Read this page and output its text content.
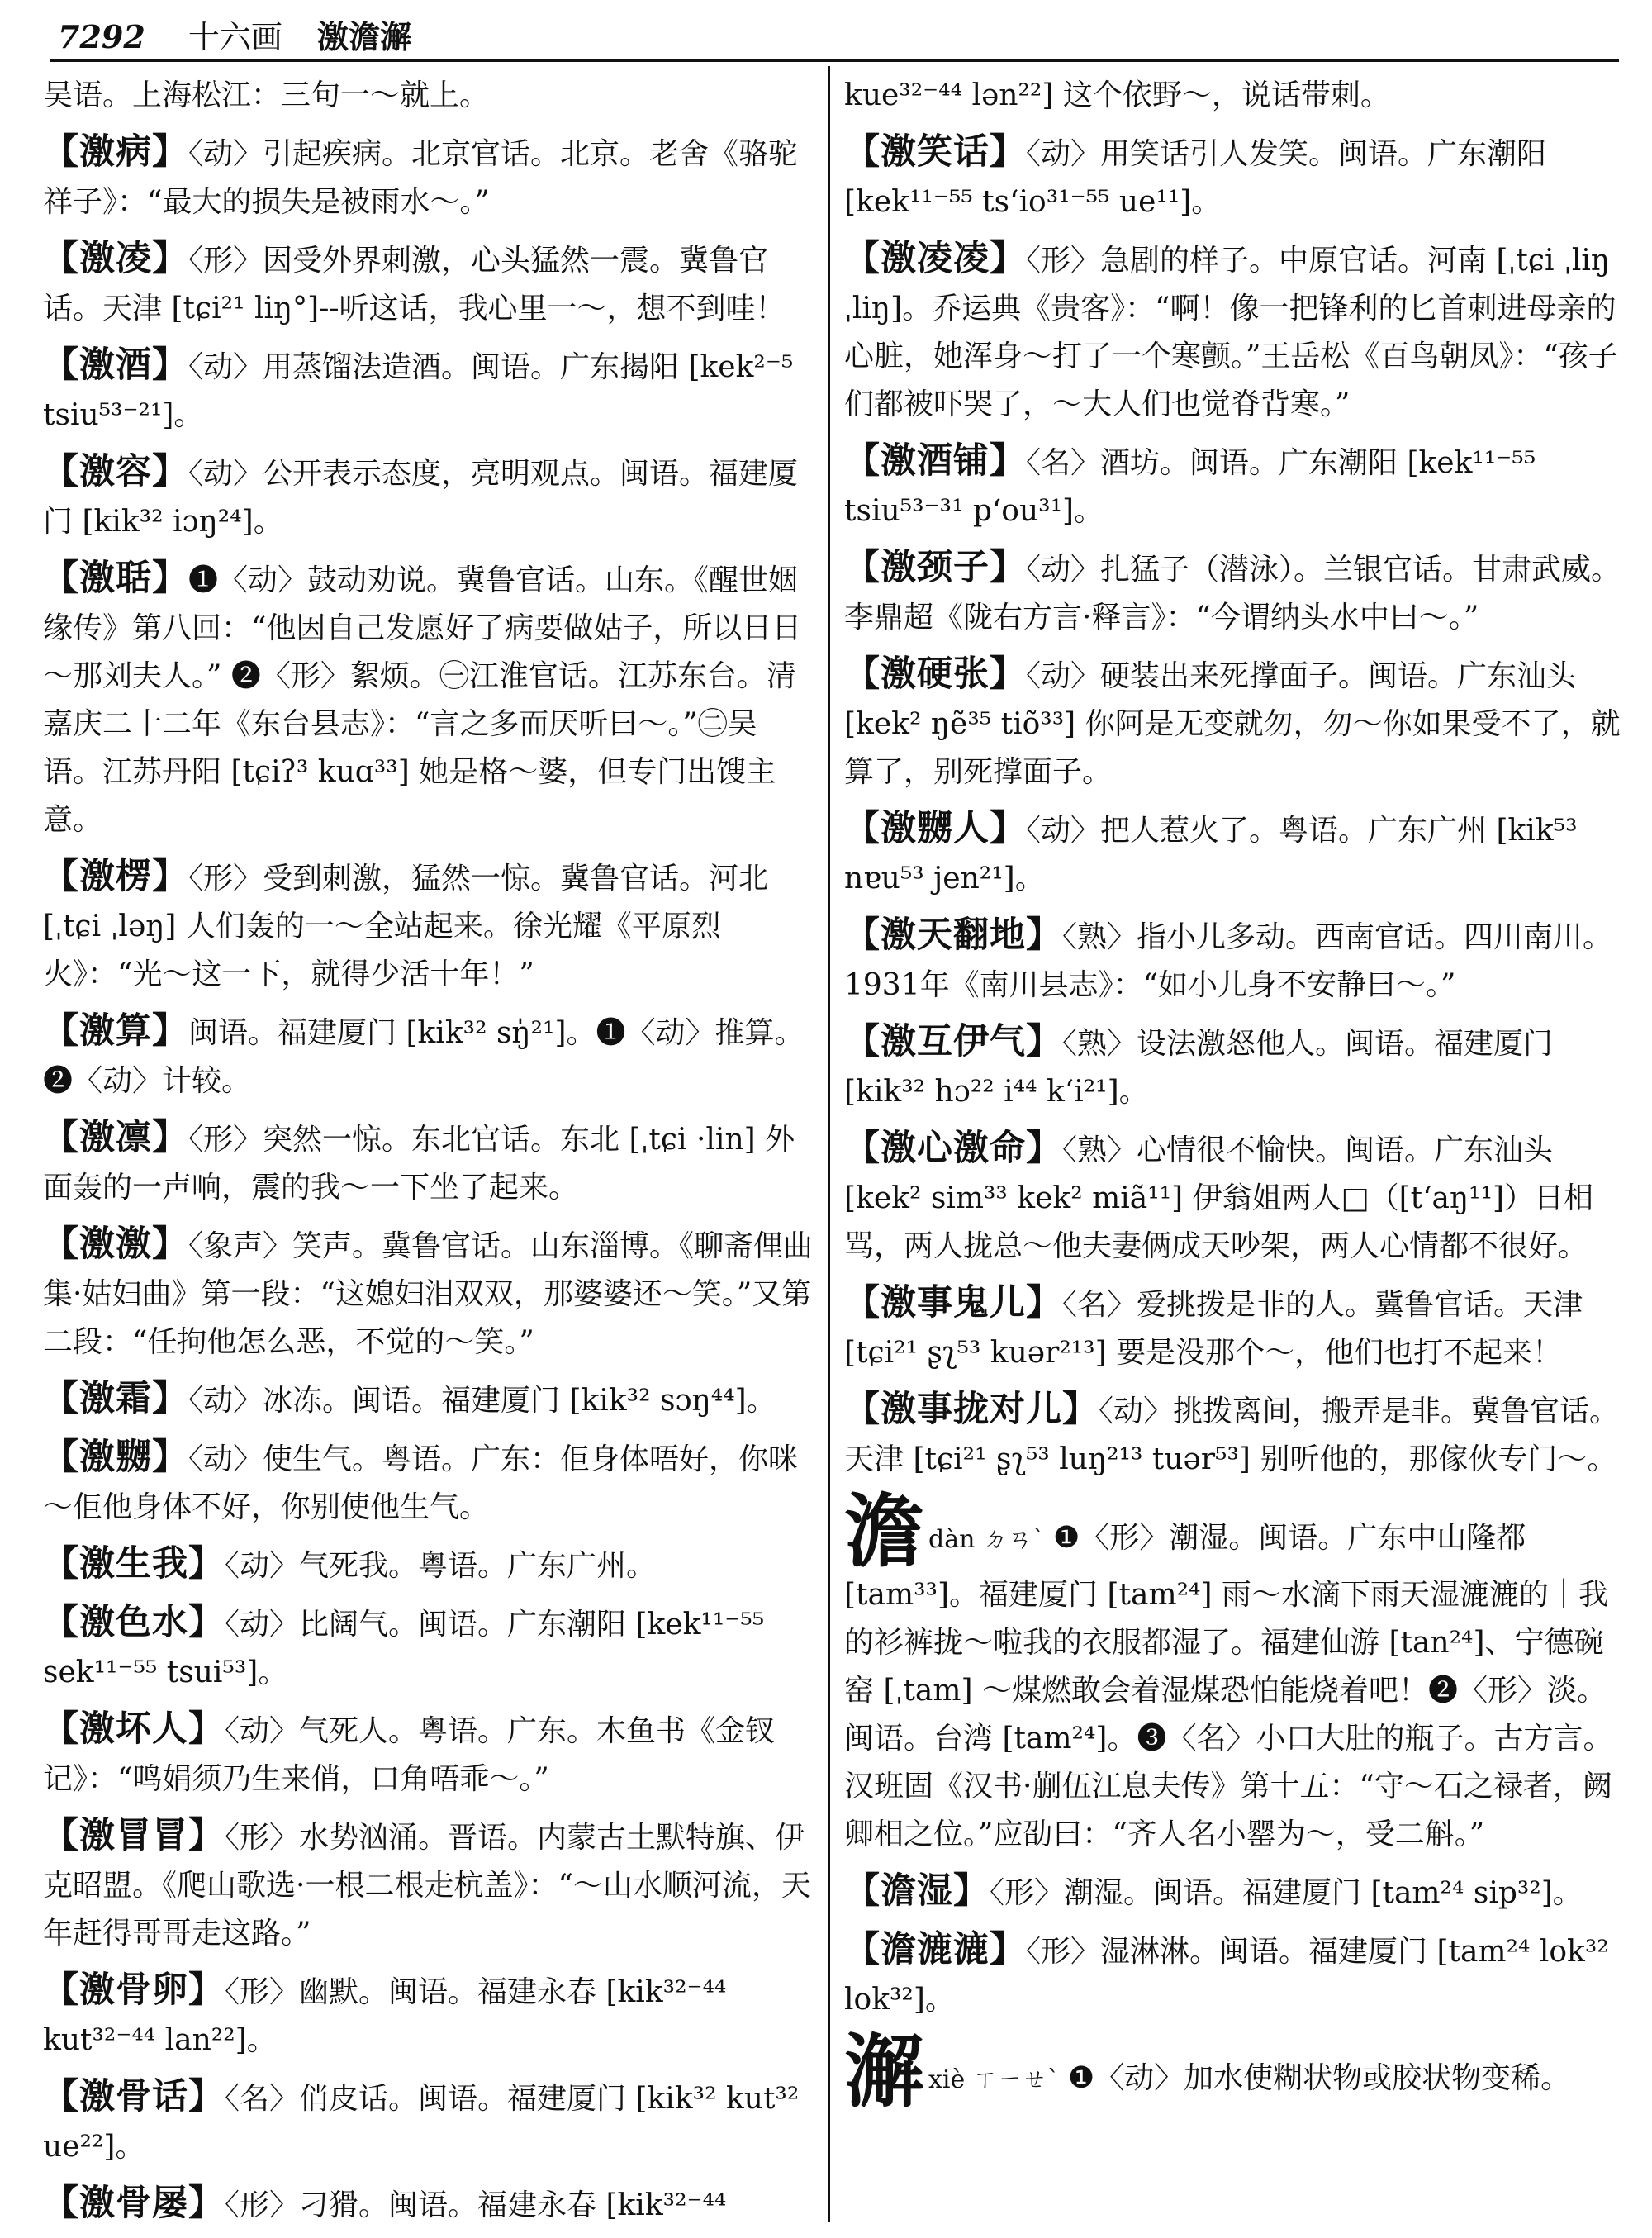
7292 十六画 激澹澥
吴语。上海松江：三句一～就上。
【激病】〈动〉引起疾病。北京官话。北京。老舍《骆驼祥子》：“最大的损失是被雨水～。”
【激凌】〈形〉因受外界刺激，心头猛然一震。冀鲁官话。天津 [tɕi²¹ liŋ°]--听这话，我心里一～，想不到哇！
【激酒】〈动〉用蒸馏法造酒。闽语。广东揭阳 [kek²⁻⁵ tsiu⁵³⁻²¹]。
【激容】〈动〉公开表示态度，亮明观点。闽语。福建厦门 [kik³² iɔŋ²⁴]。
【激聒】❶〈动〉鼓动劝说。冀鲁官话。山东。《醒世姻缘传》第八回：“他因自己发愿好了病要做姑子，所以日日～那刘夫人。” ❷〈形〉絮烦。㊀江淮官话。江苏东台。清嘉庆二十二年《东台县志》：“言之多而厌听曰～。”㊁吴语。江苏丹阳 [tɕiʔ³ kuɑ³³] 她是格～婆，但专门出馊主意。
【激楞】〈形〉受到刺激，猛然一惊。冀鲁官话。河北 [ˌtɕi ˌləŋ] 人们轰的一～全站起来。徐光耀《平原烈火》：“光～这一下，就得少活十年！”
【激算】闽语。福建厦门 [kik³² sŋ̍²¹]。❶〈动〉推算。❷〈动〉计较。
【激凛】〈形〉突然一惊。东北官话。东北 [ˌtɕi ·lin] 外面轰的一声响，震的我～一下坐了起来。
【激激】〈象声〉笑声。冀鲁官话。山东淄博。《聊斋俚曲集·姑妇曲》第一段：“这媳妇泪双双，那婆婆还～笑。”又第二段：“任拘他怎么恶，不觉的～笑。”
【激霜】〈动〉冰冻。闽语。福建厦门 [kik³² sɔŋ⁴⁴]。
【激嬲】〈动〉使生气。粤语。广东：佢身体唔好，你咪～佢他身体不好，你别使他生气。
【激生我】〈动〉气死我。粤语。广东广州。
【激色水】〈动〉比阔气。闽语。广东潮阳 [kek¹¹⁻⁵⁵ sek¹¹⁻⁵⁵ tsui⁵³]。
【激坏人】〈动〉气死人。粤语。广东。木鱼书《金钗记》：“鸣娟须乃生来俏，口角唔乖～。”
【激冒冒】〈形〉水势汹涌。晋语。内蒙古土默特旗、伊克昭盟。《爬山歌选·一根二根走杭盖》：“～山水顺河流，天年赶得哥哥走这路。”
【激骨卵】〈形〉幽默。闽语。福建永春 [kik³²⁻⁴⁴ kut³²⁻⁴⁴ lan²²]。
【激骨话】〈名〉俏皮话。闽语。福建厦门 [kik³² kut³² ue²²]。
【激骨屡】〈形〉刁猾。闽语。福建永春 [kik³²⁻⁴⁴
kue³²⁻⁴⁴ lən²²] 这个依野～，说话带刺。
【激笑话】〈动〉用笑话引人发笑。闽语。广东潮阳 [kek¹¹⁻⁵⁵ ts‘io³¹⁻⁵⁵ ue¹¹]。
【激凌凌】〈形〉急剧的样子。中原官话。河南 [ˌtɕi ˌliŋ ˌliŋ]。乔运典《贵客》：“啊！像一把锋利的匕首刺进母亲的心脏，她浑身～打了一个寒颤。”王岳松《百鸟朝凤》：“孩子们都被吓哭了，～大人们也觉脊背寒。”
【激酒铺】〈名〉酒坊。闽语。广东潮阳 [kek¹¹⁻⁵⁵ tsiu⁵³⁻³¹ p‘ou³¹]。
【激颈子】〈动〉扎猛子（潜泳）。兰银官话。甘肃武威。李鼎超《陇右方言·释言》：“今谓纳头水中曰～。”
【激硬张】〈动〉硬装出来死撑面子。闽语。广东汕头 [kek² ŋẽ³⁵ tiõ³³] 你阿是无变就勿，勿～你如果受不了，就算了，别死撑面子。
【激嬲人】〈动〉把人惹火了。粤语。广东广州 [kik⁵³ nɐu⁵³ jen²¹]。
【激天翻地】〈熟〉指小儿多动。西南官话。四川南川。1931年《南川县志》：“如小儿身不安静曰～。”
【激互伊气】〈熟〉设法激怒他人。闽语。福建厦门 [kik³² hɔ²² i⁴⁴ k‘i²¹]。
【激心激命】〈熟〉心情很不愉快。闽语。广东汕头 [kek² sim³³ kek² miã¹¹] 伊翁姐两人□（[t‘aŋ¹¹]）日相骂，两人拢总～他夫妻俩成天吵架，两人心情都不很好。
【激事鬼儿】〈名〉爱挑拨是非的人。冀鲁官话。天津 [tɕi²¹ ʂʅ⁵³ kuər²¹³] 要是没那个～，他们也打不起来！
【激事拢对儿】〈动〉挑拨离间，搬弄是非。冀鲁官话。天津 [tɕi²¹ ʂʅ⁵³ luŋ²¹³ tuər⁵³] 别听他的，那傢伙专门～。
澹dàn ㄉㄢˋ ❶〈形〉潮湿。闽语。广东中山隆都 [tam³³]。福建厦门 [tam²⁴] 雨～水滴下雨天湿漉漉的｜我的衫裤拢～啦我的衣服都湿了。福建仙游 [tan²⁴]、宁德碗窑 [ˌtam] ～煤燃敢会着湿煤恐怕能烧着吧！❷〈形〉淡。闽语。台湾 [tam²⁴]。❸〈名〉小口大肚的瓶子。古方言。汉班固《汉书·蒯伍江息夫传》第十五：“守～石之禄者，阙卿相之位。”应劭曰：“齐人名小罂为～，受二斛。”
【澹湿】〈形〉潮湿。闽语。福建厦门 [tam²⁴ sip³²]。
【澹漉漉】〈形〉湿淋淋。闽语。福建厦门 [tam²⁴ lok³² lok³²]。
澥xiè ㄒㄧㄝˋ ❶〈动〉加水使糊状物或胶状物变稀。
